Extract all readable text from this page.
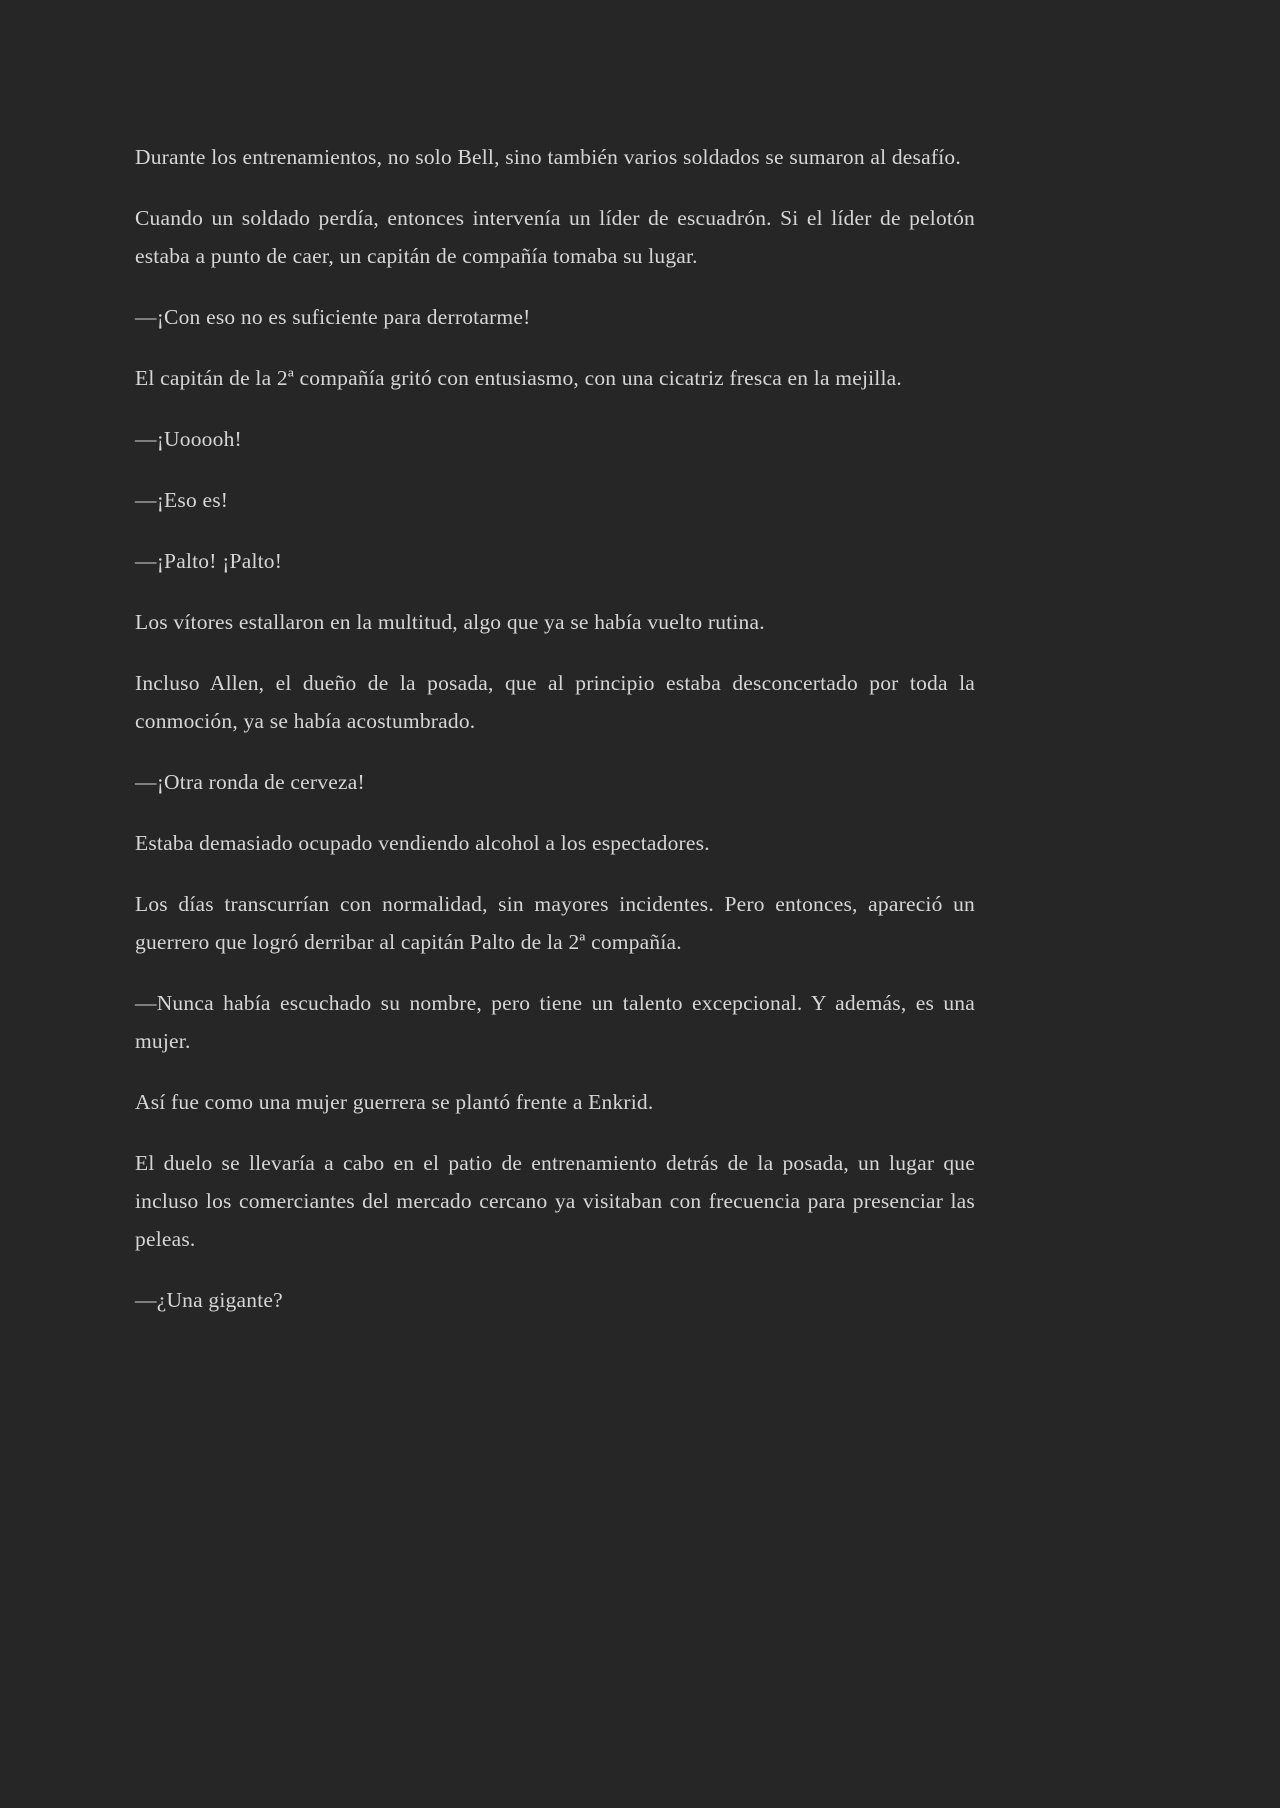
Durante los entrenamientos, no solo Bell, sino también varios soldados se sumaron al desafío.

Cuando un soldado perdía, entonces intervenía un líder de escuadrón. Si el líder de pelotón estaba a punto de caer, un capitán de compañía tomaba su lugar.

—¡Con eso no es suficiente para derrotarme!

El capitán de la 2ª compañía gritó con entusiasmo, con una cicatriz fresca en la mejilla.

—¡Uooooh!

—¡Eso es!

—¡Palto! ¡Palto!

Los vítores estallaron en la multitud, algo que ya se había vuelto rutina.

Incluso Allen, el dueño de la posada, que al principio estaba desconcertado por toda la conmoción, ya se había acostumbrado.

—¡Otra ronda de cerveza!

Estaba demasiado ocupado vendiendo alcohol a los espectadores.

Los días transcurrían con normalidad, sin mayores incidentes. Pero entonces, apareció un guerrero que logró derribar al capitán Palto de la 2ª compañía.

—Nunca había escuchado su nombre, pero tiene un talento excepcional. Y además, es una mujer.

Así fue como una mujer guerrera se plantó frente a Enkrid.

El duelo se llevaría a cabo en el patio de entrenamiento detrás de la posada, un lugar que incluso los comerciantes del mercado cercano ya visitaban con frecuencia para presenciar las peleas.

—¿Una gigante?
